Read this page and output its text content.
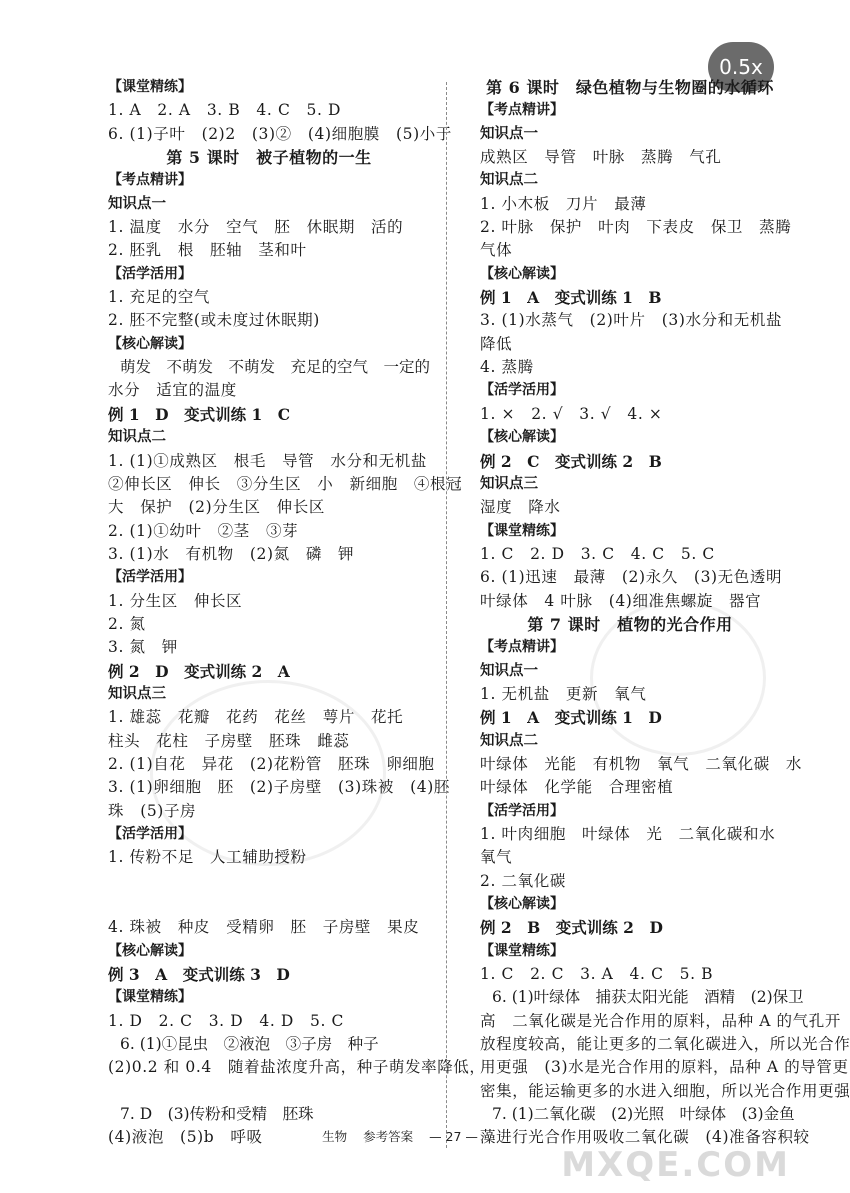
0.5x
【课堂精练】
1. A　2. A　3. B　4. C　5. D
6. (1)子叶　(2)2　(3)②　(4)细胞膜　(5)小于
第 5 课时　被子植物的一生
【考点精讲】
知识点一
1. 温度　水分　空气　胚　休眠期　活的
2. 胚乳　根　胚轴　茎和叶
【活学活用】
1. 充足的空气
2. 胚不完整(或未度过休眠期)
【核心解读】
萌发　不萌发　不萌发　充足的空气　一定的
水分　适宜的温度
例 1　D　变式训练 1　C
知识点二
1. (1)①成熟区　根毛　导管　水分和无机盐
②伸长区　伸长　③分生区　小　新细胞　④根冠
大　保护　(2)分生区　伸长区
2. (1)①幼叶　②茎　③芽
3. (1)水　有机物　(2)氮　磷　钾
【活学活用】
1. 分生区　伸长区
2. 氮
3. 氮　钾
例 2　D　变式训练 2　A
知识点三
1. 雄蕊　花瓣　花药　花丝　萼片　花托
柱头　花柱　子房壁　胚珠　雌蕊
2. (1)自花　异花　(2)花粉管　胚珠　卵细胞
3. (1)卵细胞　胚　(2)子房壁　(3)珠被　(4)胚
珠　(5)子房
【活学活用】
1. 传粉不足　人工辅助授粉
4. 珠被　种皮　受精卵　胚　子房壁　果皮
【核心解读】
例 3　A　变式训练 3　D
【课堂精练】
1. D　2. C　3. D　4. D　5. C
6. (1)①昆虫　②液泡　③子房　种子
(2)0.2 和 0.4　随着盐浓度升高，种子萌发率降低，
7. D　(3)传粉和受精　胚珠
(4)液泡　(5)b　呼吸
第 6 课时　绿色植物与生物圈的水循环
【考点精讲】
知识点一
成熟区　导管　叶脉　蒸腾　气孔
知识点二
1. 小木板　刀片　最薄
2. 叶脉　保护　叶肉　下表皮　保卫　蒸腾
气体
【核心解读】
例 1　A　变式训练 1　B
3. (1)水蒸气　(2)叶片　(3)水分和无机盐
降低
4. 蒸腾
【活学活用】
1. ×　2. √　3. √　4. ×
【核心解读】
例 2　C　变式训练 2　B
知识点三
湿度　降水
【课堂精练】
1. C　2. D　3. C　4. C　5. C
6. (1)迅速　最薄　(2)永久　(3)无色透明
叶绿体　4 叶脉　(4)细准焦螺旋　器官
第 7 课时　植物的光合作用
【考点精讲】
知识点一
1. 无机盐　更新　氧气
例 1　A　变式训练 1　D
知识点二
叶绿体　光能　有机物　氧气　二氧化碳　水
叶绿体　化学能　合理密植
【活学活用】
1. 叶肉细胞　叶绿体　光　二氧化碳和水
氧气
2. 二氧化碳
【核心解读】
例 2　B　变式训练 2　D
【课堂精练】
1. C　2. C　3. A　4. C　5. B
6. (1)叶绿体　捕获太阳光能　酒精　(2)保卫
高　二氧化碳是光合作用的原料，品种 A 的气孔开
放程度较高，能让更多的二氧化碳进入，所以光合作
用更强　(3)水是光合作用的原料，品种 A 的导管更
密集，能运输更多的水进入细胞，所以光合作用更强
7. (1)二氧化碳　(2)光照　叶绿体　(3)金鱼
藻进行光合作用吸收二氧化碳　(4)准备容积较
生物 参考答案 — 27 —
MXQE.COM
